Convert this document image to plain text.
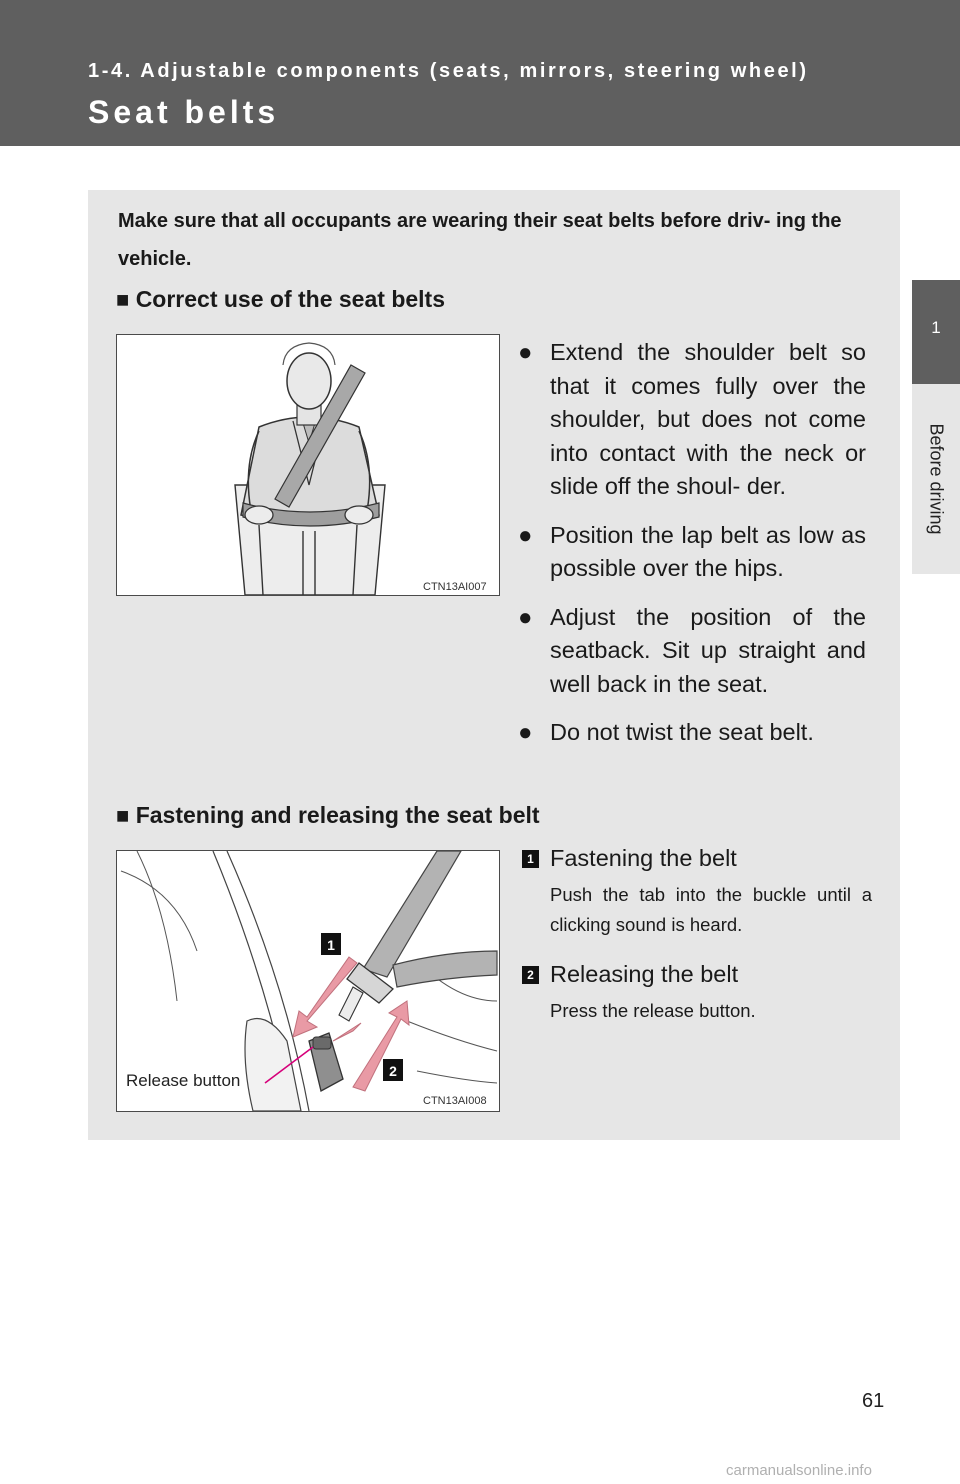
1-4. Adjustable components (seats, mirrors, steering wheel)
Seat belts
1
Before driving
Make sure that all occupants are wearing their seat belts before driv- ing the vehicle.
■ Correct use of the seat belts
CTN13AI007
● Extend the shoulder belt so that it comes fully over the shoulder, but does not come into contact with the neck or slide off the shoul- der.
● Position the lap belt as low as possible over the hips.
● Adjust the position of the seatback. Sit up straight and well back in the seat.
● Do not twist the seat belt.
■ Fastening and releasing the seat belt
1
2
CTN13AI008
Release button
1 Fastening the belt
Push the tab into the buckle until a clicking sound is heard.
2 Releasing the belt
Press the release button.
61
carmanualsonline.info
